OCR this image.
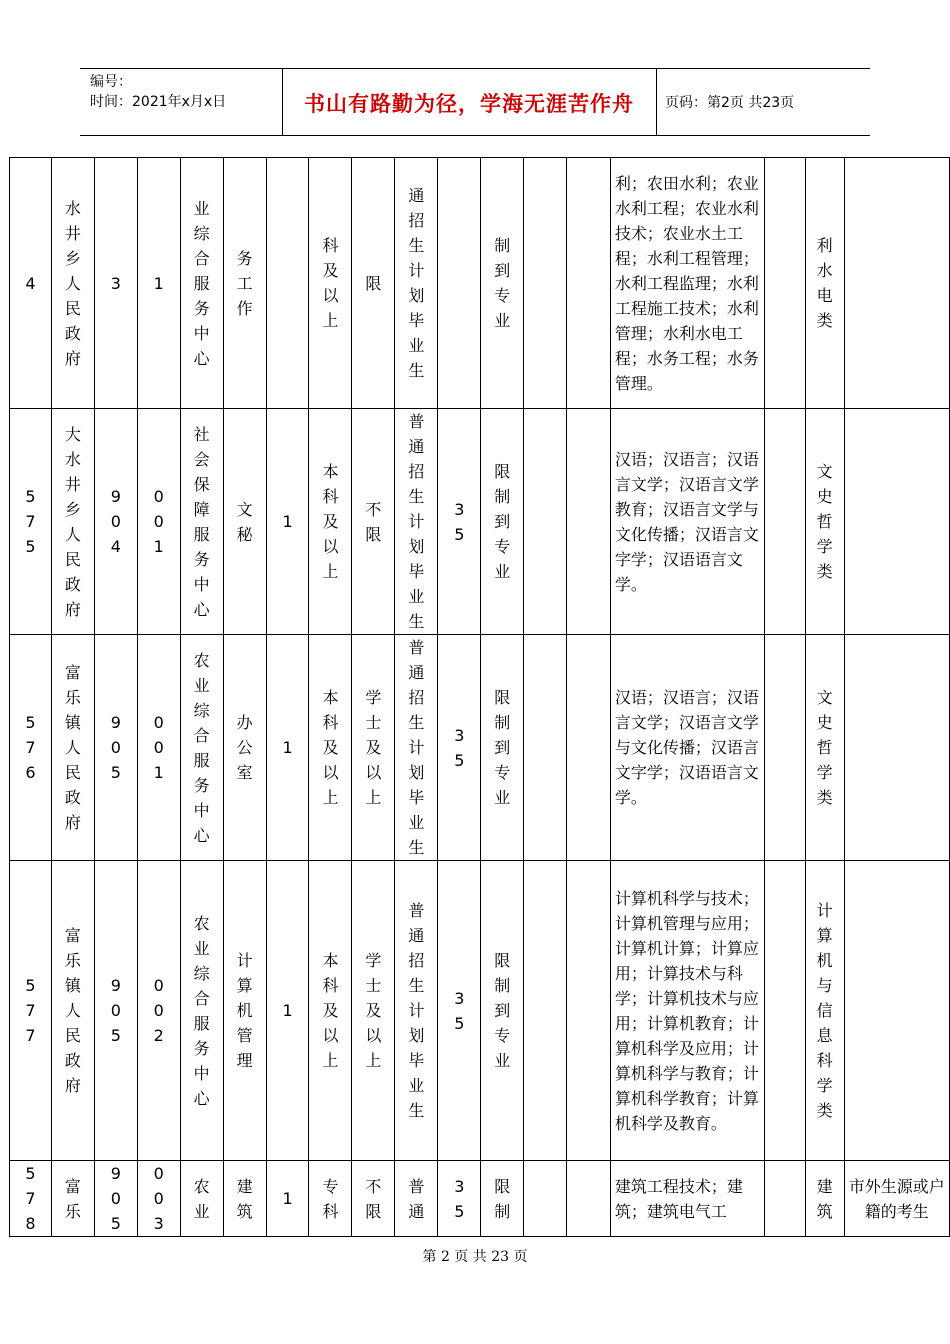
编号：
时间：2021年x月x日	书山有路勤为径，学海无涯苦作舟	页码：第2页 共23页
4	水井乡人民政府	3	1	业综合服务中心	务工作		科及以上	限	通招生计划毕业生		制到专业			利；农田水利；农业水利工程；农业水利技术；农业水土工程；水利工程管理；水利工程监理；水利工程施工技术；水利管理；水利水电工程；水务工程；水务管理。		利水电类	
575	大水井乡人民政府	904	001	社会保障服务中心	文秘	1	本科及以上	不限	普通招生计划毕业生	35	限制到专业			汉语；汉语言；汉语言文学；汉语言文学教育；汉语言文学与文化传播；汉语言文字学；汉语语言文学。		文史哲学类	
576	富乐镇人民政府	905	001	农业综合服务中心	办公室	1	本科及以上	学士及以上	普通招生计划毕业生	35	限制到专业			汉语；汉语言；汉语言文学；汉语言文学与文化传播；汉语言文字学；汉语语言文学。		文史哲学类	
577	富乐镇人民政府	905	002	农业综合服务中心	计算机管理	1	本科及以上	学士及以上	普通招生计划毕业生	35	限制到专业			计算机科学与技术；计算机管理与应用；计算机计算；计算应用；计算技术与科学；计算机技术与应用；计算机教育；计算机科学及应用；计算机科学与教育；计算机科学教育；计算机科学及教育。		计算机与信息科学类	
578	富乐	905	003	农业	建筑	1	专科	不限	普通	35	限制			建筑工程技术；建筑；建筑电气工		建筑	市外生源或户籍的考生
第 2 页 共 23 页
